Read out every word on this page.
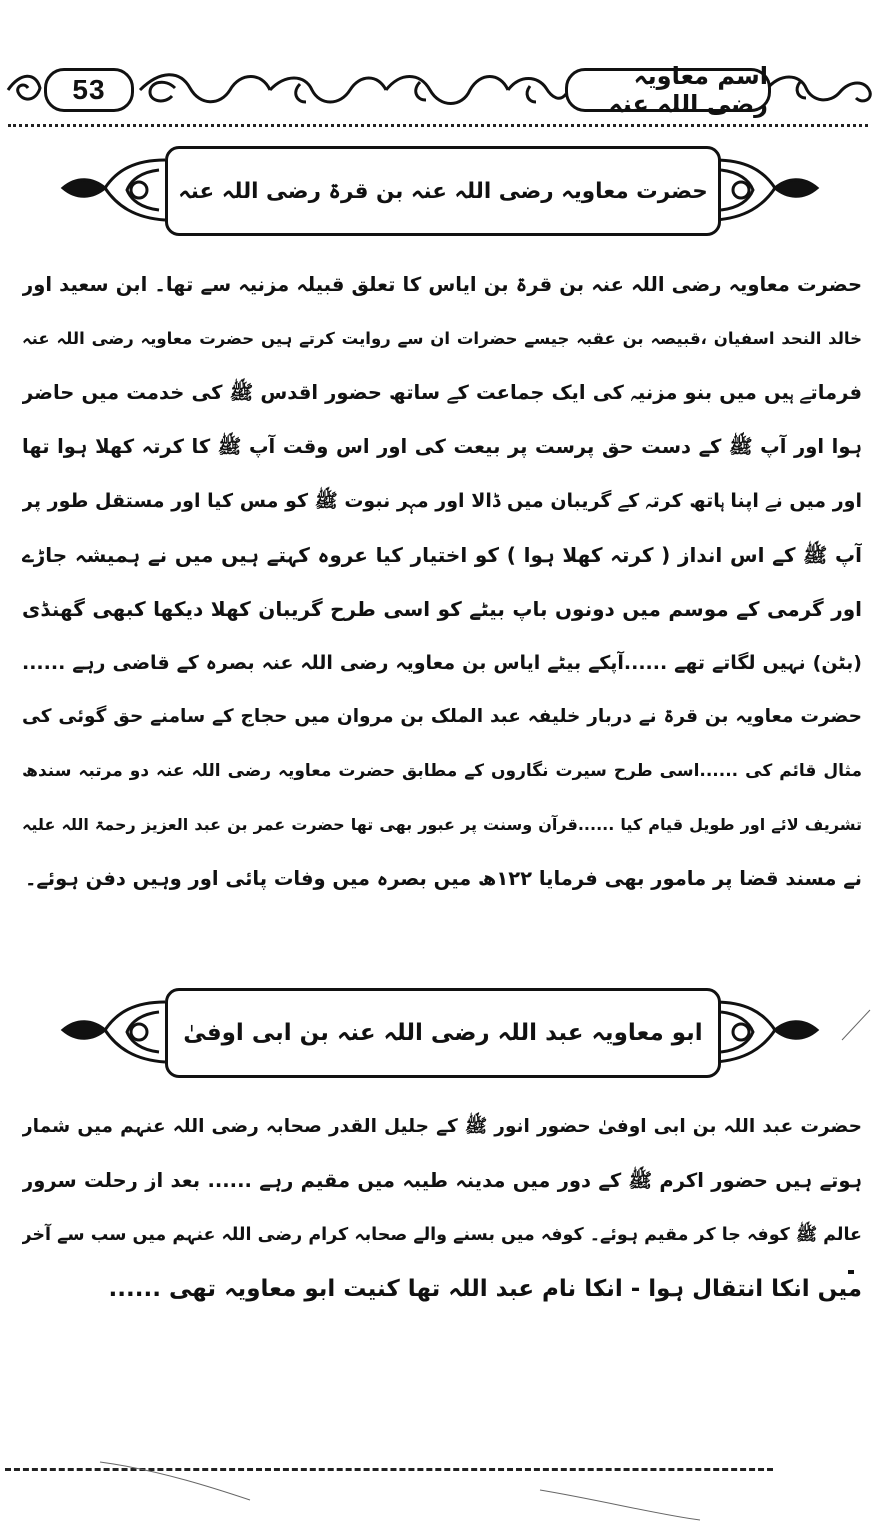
53	اسم معاویہ رضی اللہ عنہ
حضرت معاویہ رضی اللہ عنہ بن قرۃ رضی اللہ عنہ
حضرت معاویہ رضی اللہ عنہ بن قرۃ بن ایاس کا تعلق قبیلہ مزنیہ سے تھا۔ ابن سعید اور
خالد النحد اسفیان ،قبیصہ بن عقبہ جیسے حضرات ان سے روایت کرتے ہیں حضرت معاویہ رضی اللہ عنہ
فرماتے ہیں میں بنو مزنیہ کی ایک جماعت کے ساتھ حضور اقدس ﷺ کی خدمت میں حاضر
ہوا اور آپ ﷺ کے دست حق پرست پر بیعت کی اور اس وقت آپ ﷺ کا کرتہ کھلا ہوا تھا
اور میں نے اپنا ہاتھ کرتہ کے گریبان میں ڈالا اور مہر نبوت ﷺ کو مس کیا اور مستقل طور پر
آپ ﷺ کے اس انداز ( کرتہ کھلا ہوا ) کو اختیار کیا عروہ کہتے ہیں میں نے ہمیشہ جاڑے
اور گرمی کے موسم میں دونوں باپ بیٹے کو اسی طرح گریبان کھلا دیکھا کبھی گھنڈی
(بٹن) نہیں لگاتے تھے ......آپکے بیٹے ایاس بن معاویہ رضی اللہ عنہ بصرہ کے قاضی رہے ......
حضرت معاویہ بن قرۃ نے دربار خلیفہ عبد الملک بن مروان میں حجاج کے سامنے حق گوئی کی
مثال قائم کی ......اسی طرح سیرت نگاروں کے مطابق حضرت معاویہ رضی اللہ عنہ دو مرتبہ سندھ
تشریف لائے اور طویل قیام کیا ......قرآن وسنت پر عبور بھی تھا حضرت عمر بن عبد العزیز رحمۃ اللہ علیہ
نے مسند قضا پر مامور بھی فرمایا ۱۲۲ھ میں بصرہ میں وفات پائی اور وہیں دفن ہوئے۔
ابو معاویہ عبد اللہ رضی اللہ عنہ بن ابی اوفیٰ
حضرت عبد اللہ بن ابی اوفیٰ حضور انور ﷺ کے جلیل القدر صحابہ رضی اللہ عنہم میں شمار
ہوتے ہیں حضور اکرم ﷺ کے دور میں مدینہ طیبہ میں مقیم رہے ...... بعد از رحلت سرور
عالم ﷺ کوفہ جا کر مقیم ہوئے۔ کوفہ میں بسنے والے صحابہ کرام رضی اللہ عنہم میں سب سے آخر
میں انکا انتقال ہوا - انکا نام عبد اللہ تھا کنیت ابو معاویہ تھی ......
